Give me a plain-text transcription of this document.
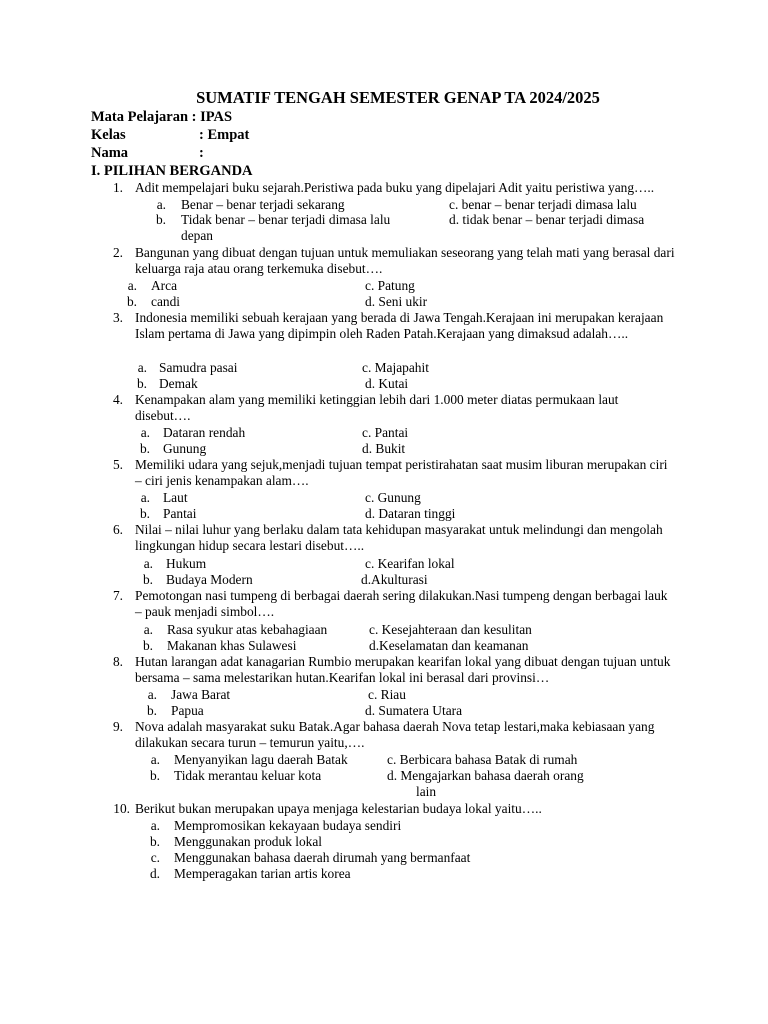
SUMATIF TENGAH SEMESTER GENAP TA 2024/2025
Mata Pelajaran : IPAS
Kelas	: Empat
Nama	:
I. PILIHAN BERGANDA
1. Adit mempelajari buku sejarah.Peristiwa pada buku yang dipelajari Adit yaitu peristiwa yang…..
a. Benar – benar terjadi sekarang
b. Tidak benar – benar terjadi dimasa lalu
depan
c. benar – benar terjadi dimasa lalu
d. tidak benar – benar terjadi dimasa
2. Bangunan yang dibuat dengan tujuan untuk memuliakan seseorang yang telah mati yang berasal dari keluarga raja atau orang terkemuka disebut….
a. Arca
b. candi
c. Patung
d. Seni ukir
3. Indonesia memiliki sebuah kerajaan yang berada di Jawa Tengah.Kerajaan ini merupakan kerajaan Islam pertama di Jawa yang dipimpin oleh Raden Patah.Kerajaan yang dimaksud adalah…..
a. Samudra pasai
b. Demak
c. Majapahit
d. Kutai
4. Kenampakan alam yang memiliki ketinggian lebih dari 1.000 meter diatas permukaan laut disebut….
a. Dataran rendah
b. Gunung
c. Pantai
d. Bukit
5. Memiliki udara yang sejuk,menjadi tujuan tempat peristirahatan saat musim liburan merupakan ciri – ciri jenis kenampakan alam….
a. Laut
b. Pantai
c. Gunung
d. Dataran tinggi
6. Nilai – nilai luhur yang berlaku dalam tata kehidupan masyarakat untuk melindungi dan mengolah lingkungan hidup secara lestari disebut…..
a. Hukum
b. Budaya Modern
c. Kearifan lokal
d.Akulturasi
7. Pemotongan nasi tumpeng di berbagai daerah sering dilakukan.Nasi tumpeng dengan berbagai lauk – pauk menjadi simbol….
a. Rasa syukur atas kebahagiaan
b. Makanan khas Sulawesi
c. Kesejahteraan dan kesulitan
d.Keselamatan dan keamanan
8. Hutan larangan adat kanagarian Rumbio merupakan kearifan lokal yang dibuat dengan tujuan untuk bersama – sama melestarikan hutan.Kearifan lokal ini berasal dari provinsi…
a. Jawa Barat
b. Papua
c. Riau
d. Sumatera Utara
9. Nova adalah masyarakat suku Batak.Agar bahasa daerah Nova tetap lestari,maka kebiasaan yang dilakukan secara turun – temurun yaitu,….
a. Menyanyikan lagu daerah Batak
b. Tidak merantau keluar kota
c. Berbicara bahasa Batak di rumah
d. Mengajarkan bahasa daerah orang
lain
10. Berikut bukan merupakan upaya menjaga kelestarian budaya lokal yaitu…..
a. Mempromosikan kekayaan budaya sendiri
b. Menggunakan produk lokal
c. Menggunakan bahasa daerah dirumah yang bermanfaat
d. Memperagakan tarian artis korea
